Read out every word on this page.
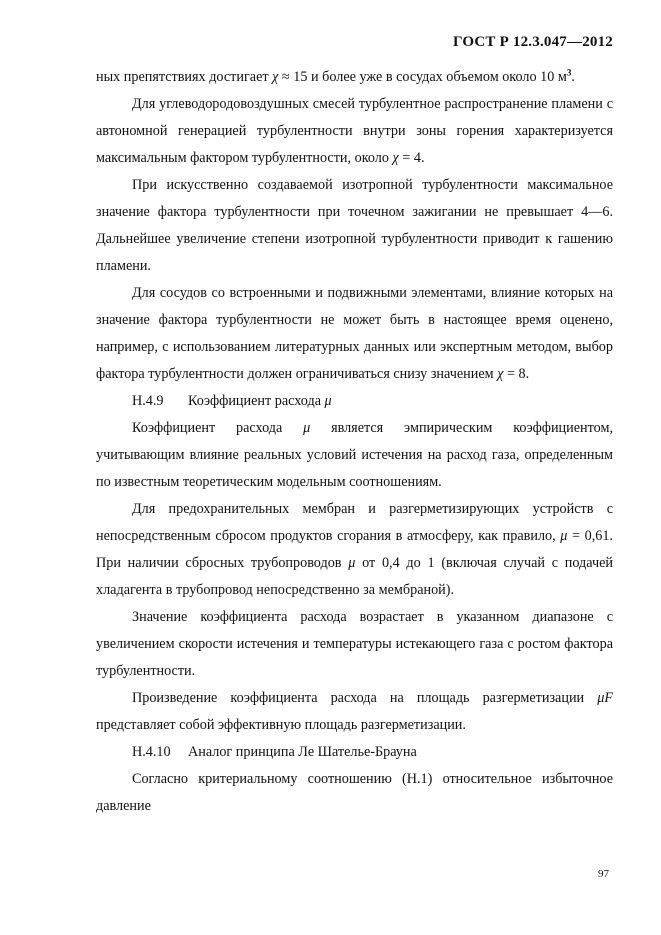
ГОСТ Р 12.3.047—2012

ных препятствиях достигает χ ≈ 15 и более уже в сосудах объемом около 10 $м^3$.

Для углеводородовоздушных смесей турбулентное распространение пламени с автономной генерацией турбулентности внутри зоны горения характеризуется максимальным фактором турбулентности, около χ = 4.

При искусственно создаваемой изотропной турбулентности максимальное значение фактора турбулентности при точечном зажигании не превышает 4—6. Дальнейшее увеличение степени изотропной турбулентности приводит к гашению пламени.

Для сосудов со встроенными и подвижными элементами, влияние которых на значение фактора турбулентности не может быть в настоящее время оценено, например, с использованием литературных данных или экспертным методом, выбор фактора турбулентности должен ограничиваться снизу значением χ = 8.

Н.4.9 Коэффициент расхода μ

Коэффициент расхода μ является эмпирическим коэффициентом, учитывающим влияние реальных условий истечения на расход газа, определенным по известным теоретическим модельным соотношениям.

Для предохранительных мембран и разгерметизирующих устройств с непосредственным сбросом продуктов сгорания в атмосферу, как правило, μ = 0,61. При наличии сбросных трубопроводов μ от 0,4 до 1 (включая случай с подачей хладагента в трубопровод непосредственно за мембраной).

Значение коэффициента расхода возрастает в указанном диапазоне с увеличением скорости истечения и температуры истекающего газа с ростом фактора турбулентности.

Произведение коэффициента расхода на площадь разгерметизации μF представляет собой эффективную площадь разгерметизации.

Н.4.10 Аналог принципа Ле Шателье-Брауна

Согласно критериальному соотношению (Н.1) относительное избыточное давление

97
